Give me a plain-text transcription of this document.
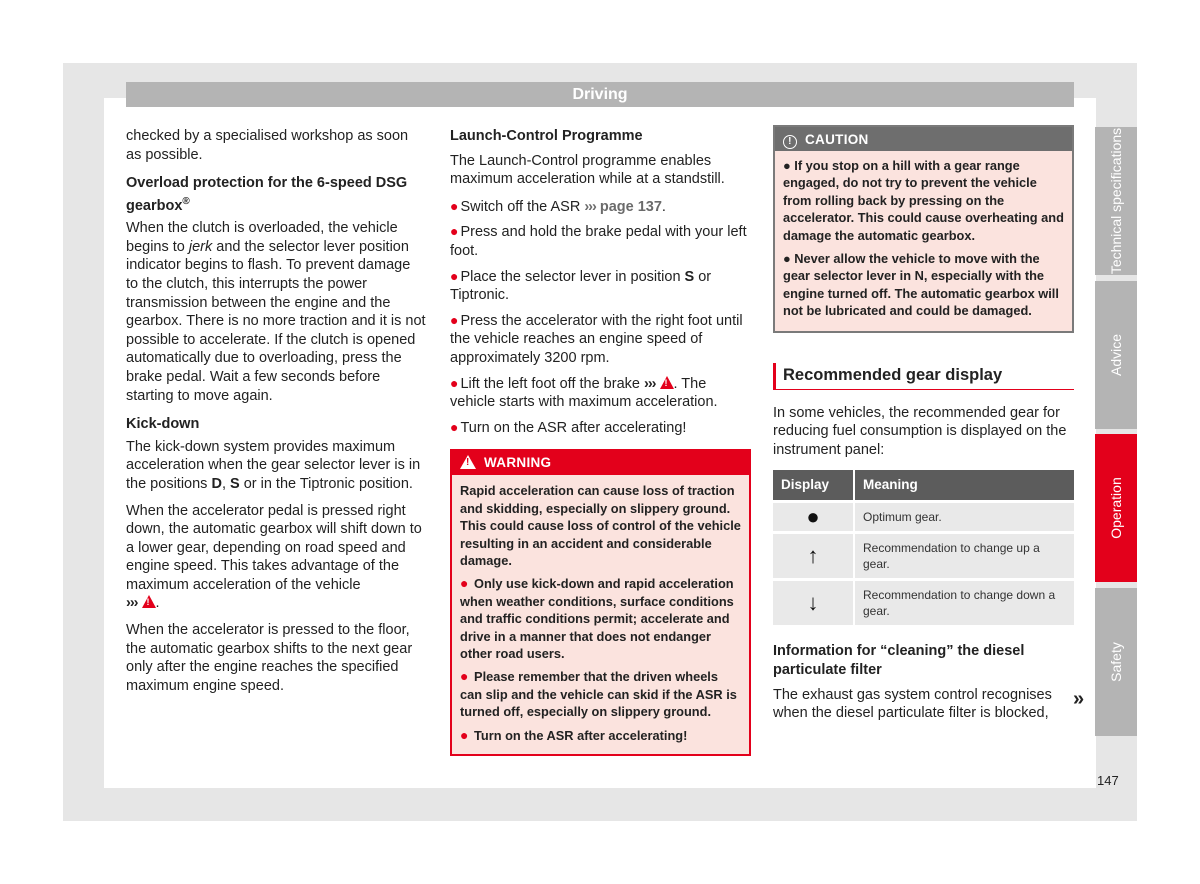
Driving

checked by a specialised workshop as soon as possible.

Overload protection for the 6-speed DSG gearbox®

When the clutch is overloaded, the vehicle begins to jerk and the selector lever position indicator begins to flash. To prevent damage to the clutch, this interrupts the power transmission between the engine and the gearbox. There is no more traction and it is not possible to accelerate. If the clutch is opened automatically due to overloading, press the brake pedal. Wait a few seconds before starting to move again.

Kick-down

The kick-down system provides maximum acceleration when the gear selector lever is in the positions D, S or in the Tiptronic position.

When the accelerator pedal is pressed right down, the automatic gearbox will shift down to a lower gear, depending on road speed and engine speed. This takes advantage of the maximum acceleration of the vehicle
››› ! .

When the accelerator is pressed to the floor, the automatic gearbox shifts to the next gear only after the engine reaches the specified maximum engine speed.

Launch-Control Programme

The Launch-Control programme enables maximum acceleration while at a standstill.

● Switch off the ASR ››› page 137.
● Press and hold the brake pedal with your left foot.
● Place the selector lever in position S or Tiptronic.
● Press the accelerator with the right foot until the vehicle reaches an engine speed of approximately 3200 rpm.
● Lift the left foot off the brake ››› ! . The vehicle starts with maximum acceleration.
● Turn on the ASR after accelerating!
!WARNING

Rapid acceleration can cause loss of traction and skidding, especially on slippery ground. This could cause loss of control of the vehicle resulting in an accident and considerable damage.

● Only use kick-down and rapid acceleration when weather conditions, surface conditions and traffic conditions permit; accelerate and drive in a manner that does not endanger other road users.

● Please remember that the driven wheels can slip and the vehicle can skid if the ASR is turned off, especially on slippery ground.

● Turn on the ASR after accelerating!

! CAUTION

● If you stop on a hill with a gear range engaged, do not try to prevent the vehicle from rolling back by pressing on the accelerator. This could cause overheating and damage the automatic gearbox.

● Never allow the vehicle to move with the gear selector lever in N, especially with the engine turned off. The automatic gearbox will not be lubricated and could be damaged.

Recommended gear display

In some vehicles, the recommended gear for reducing fuel consumption is displayed on the instrument panel:

Display	Meaning
●	Optimum gear.
↑	Recommendation to change up a gear.
↓	Recommendation to change down a gear.
Information for “cleaning” the diesel particulate filter

The exhaust gas system control recognises when the diesel particulate filter is blocked,

»
Technical specifications
Advice
Operation
Safety
147
